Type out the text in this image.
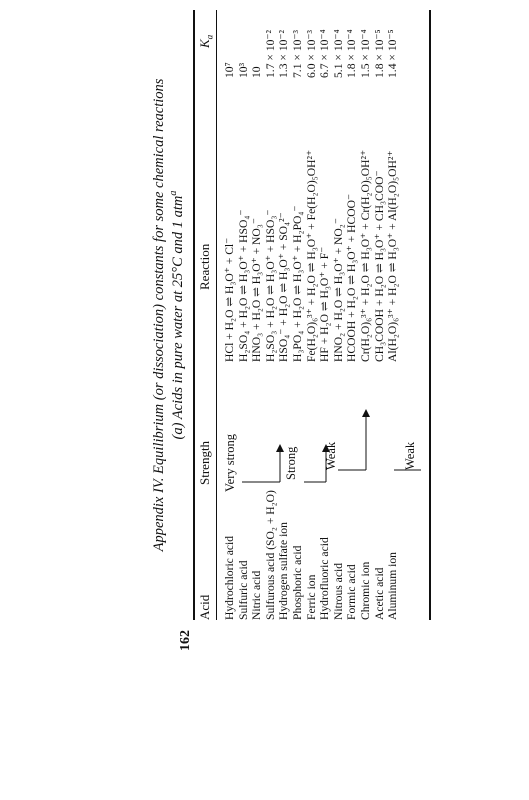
162
Appendix IV. Equilibrium (or dissociation) constants for some chemical reactions (a) Acids in pure water at 25°C and 1 atm$^a$
Acid
Strength
Reaction
$K_a$
Very strong	Strong Weak	Weak
Hydrochloric acid
HCl + H₂O ⇌ H₃O⁺ + Cl⁻
10⁷
Sulfuric acid
H₂SO₄ + H₂O ⇌ H₃O⁺ + HSO₄⁻
10³
Nitric acid
HNO₃ + H₂O ⇌ H₃O⁺ + NO₃⁻
10
Sulfurous acid (SO₂ + H₂O)
H₂SO₃ + H₂O ⇌ H₃O⁺ + HSO₃⁻
1.7 × 10⁻²
Hydrogen sulfate ion
HSO₄⁻ + H₂O ⇌ H₃O⁺ + SO₄²⁻
1.3 × 10⁻²
Phosphoric acid
H₃PO₄ + H₂O ⇌ H₃O⁺ + H₂PO₄⁻
7.1 × 10⁻³
Ferric ion
Fe(H₂O)₆³⁺ + H₂O ⇌ H₃O⁺ + Fe(H₂O)₅OH²⁺
6.0 × 10⁻³
Hydrofluoric acid
HF + H₂O ⇌ H₃O⁺ + F⁻
6.7 × 10⁻⁴
Nitrous acid
HNO₂ + H₂O ⇌ H₃O⁺ + NO₂⁻
5.1 × 10⁻⁴
Formic acid
HCOOH + H₂O ⇌ H₃O⁺ + HCOO⁻
1.8 × 10⁻⁴
Chromic ion
Cr(H₂O)₆³⁺ + H₂O ⇌ H₃O⁺ + Cr(H₂O)₅OH²⁺
1.5 × 10⁻⁴
Acetic acid
CH₃COOH + H₂O ⇌ H₃O⁺ + CH₃COO⁻
1.8 × 10⁻⁵
Aluminum ion
Al(H₂O)₆³⁺ + H₂O ⇌ H₃O⁺ + Al(H₂O)₅OH²⁺
1.4 × 10⁻⁵
